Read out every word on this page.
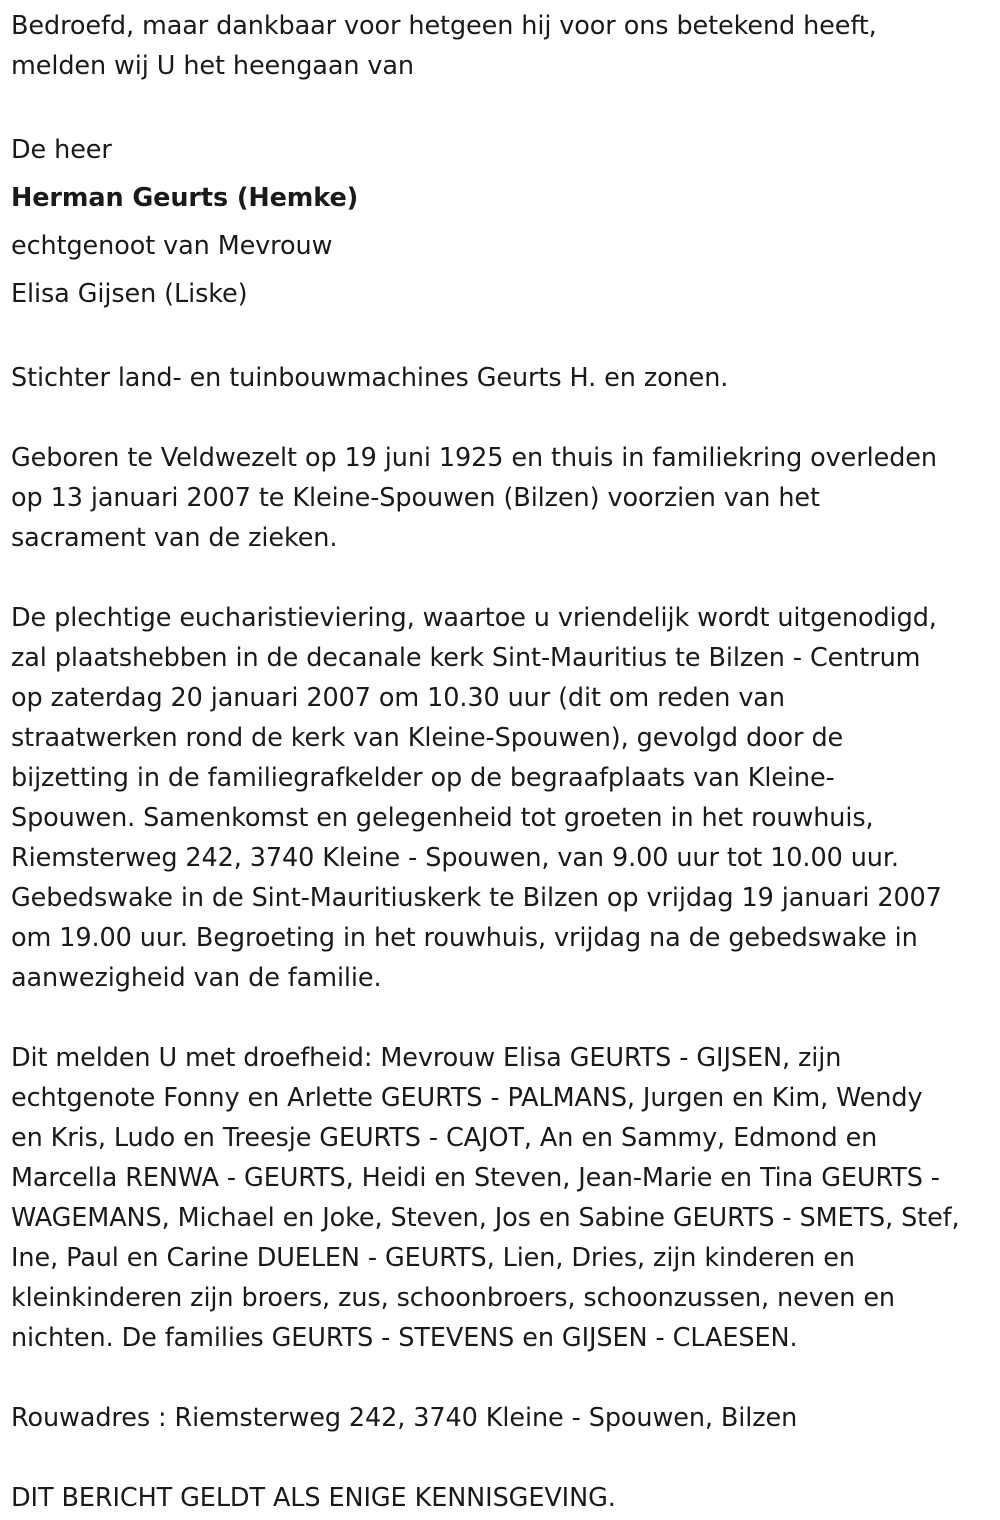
Bedroefd, maar dankbaar voor hetgeen hij voor ons betekend heeft,
melden wij U het heengaan van

De heer

Herman Geurts (Hemke)

echtgenoot van Mevrouw

Elisa Gijsen (Liske)

Stichter land- en tuinbouwmachines Geurts H. en zonen.

Geboren te Veldwezelt op 19 juni 1925 en thuis in familiekring overleden
op 13 januari 2007 te Kleine-Spouwen (Bilzen) voorzien van het
sacrament van de zieken.

De plechtige eucharistieviering, waartoe u vriendelijk wordt uitgenodigd,
zal plaatshebben in de decanale kerk Sint-Mauritius te Bilzen - Centrum
op zaterdag 20 januari 2007 om 10.30 uur (dit om reden van
straatwerken rond de kerk van Kleine-Spouwen), gevolgd door de
bijzetting in de familiegrafkelder op de begraafplaats van Kleine-
Spouwen. Samenkomst en gelegenheid tot groeten in het rouwhuis,
Riemsterweg 242, 3740 Kleine - Spouwen, van 9.00 uur tot 10.00 uur.
Gebedswake in de Sint-Mauritiuskerk te Bilzen op vrijdag 19 januari 2007
om 19.00 uur. Begroeting in het rouwhuis, vrijdag na de gebedswake in
aanwezigheid van de familie.

Dit melden U met droefheid: Mevrouw Elisa GEURTS - GIJSEN, zijn
echtgenote Fonny en Arlette GEURTS - PALMANS, Jurgen en Kim, Wendy
en Kris, Ludo en Treesje GEURTS - CAJOT, An en Sammy, Edmond en
Marcella RENWA - GEURTS, Heidi en Steven, Jean-Marie en Tina GEURTS -
WAGEMANS, Michael en Joke, Steven, Jos en Sabine GEURTS - SMETS, Stef,
Ine, Paul en Carine DUELEN - GEURTS, Lien, Dries, zijn kinderen en
kleinkinderen zijn broers, zus, schoonbroers, schoonzussen, neven en
nichten. De families GEURTS - STEVENS en GIJSEN - CLAESEN.

Rouwadres : Riemsterweg 242, 3740 Kleine - Spouwen, Bilzen

DIT BERICHT GELDT ALS ENIGE KENNISGEVING.
